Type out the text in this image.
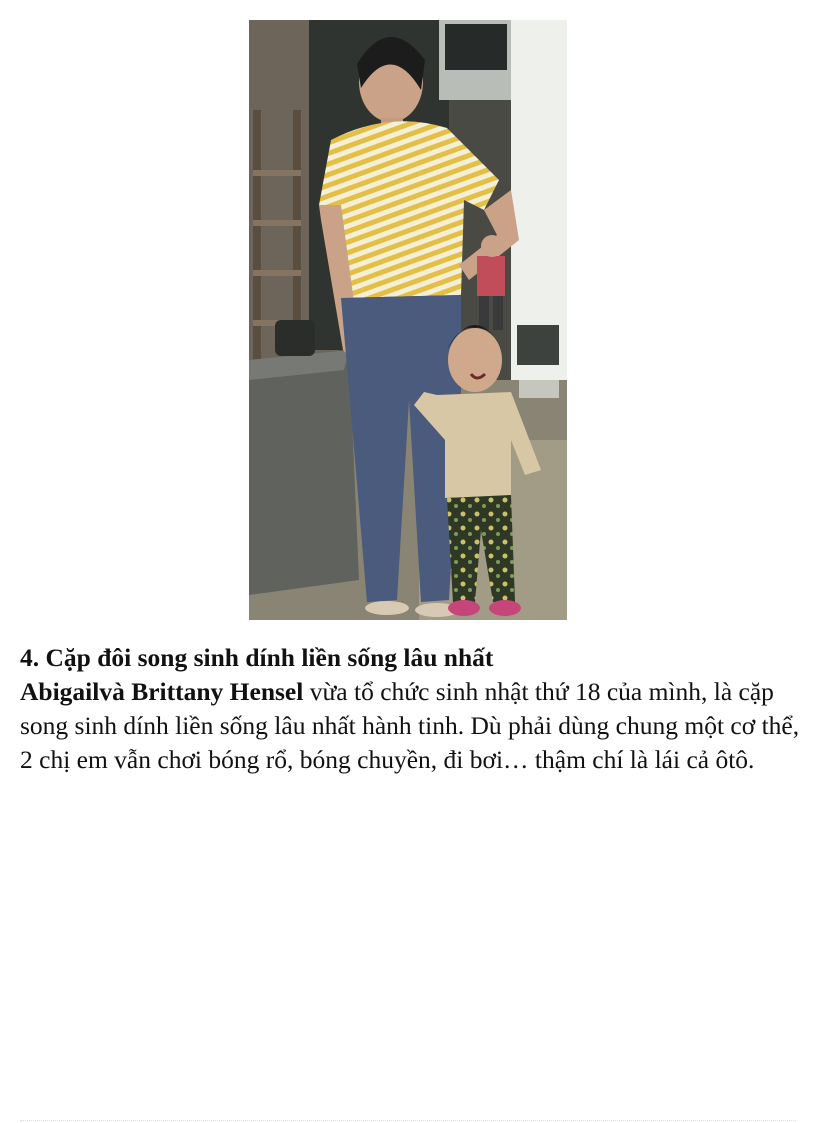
4. Cặp đôi song sinh dính liền sống lâu nhất

Abigailvà Brittany Hensel vừa tổ chức sinh nhật thứ 18 của mình, là cặp song sinh dính liền sống lâu nhất hành tinh. Dù phải dùng chung một cơ thể, 2 chị em vẫn chơi bóng rổ, bóng chuyền, đi bơi… thậm chí là lái cả ôtô.
